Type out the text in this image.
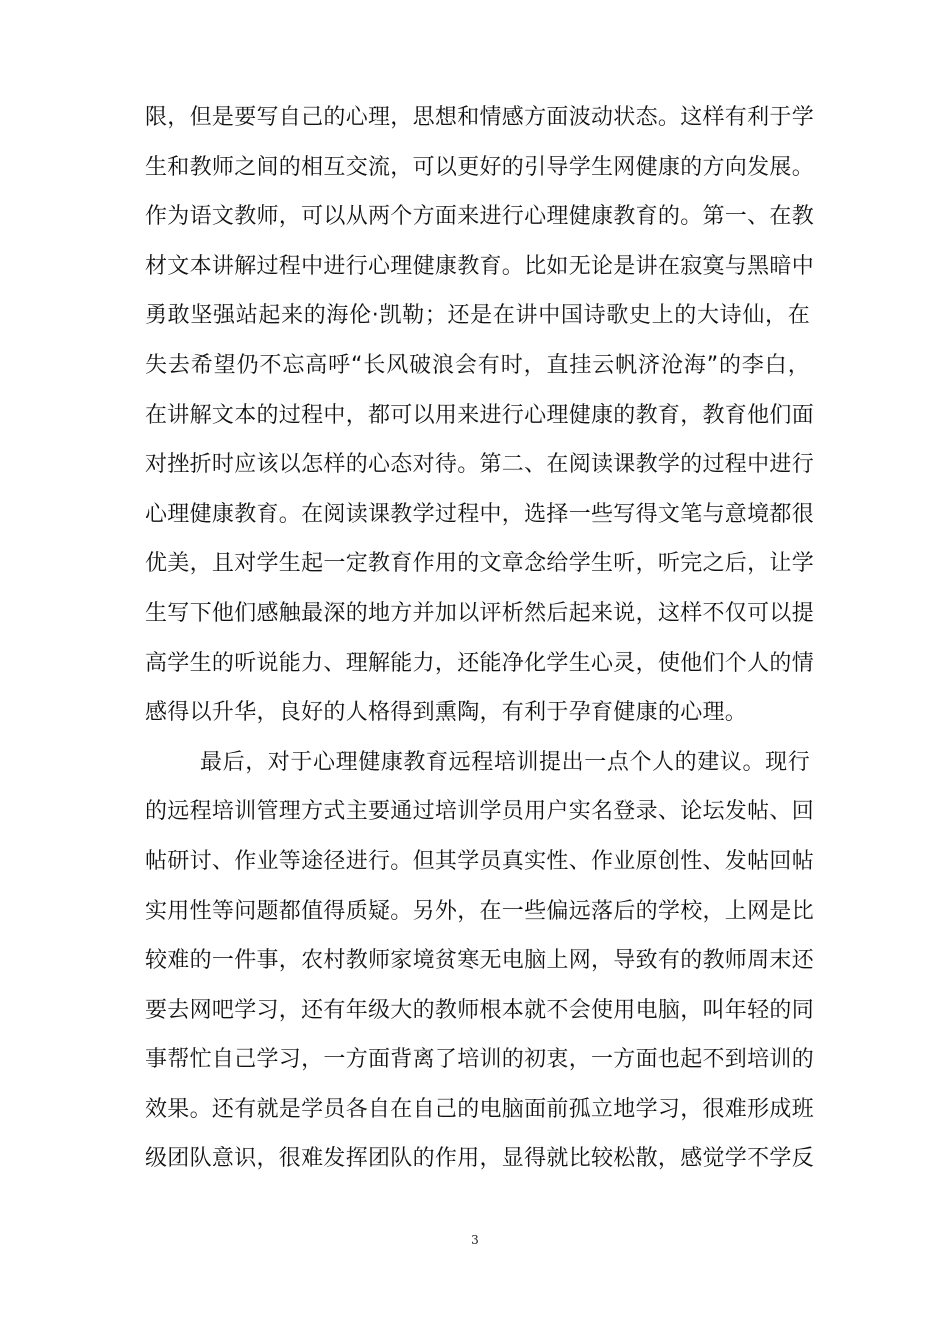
限，但是要写自己的心理，思想和情感方面波动状态。这样有利于学
生和教师之间的相互交流，可以更好的引导学生网健康的方向发展。
作为语文教师，可以从两个方面来进行心理健康教育的。第一、在教
材文本讲解过程中进行心理健康教育。比如无论是讲在寂寞与黑暗中
勇敢坚强站起来的海伦·凯勒；还是在讲中国诗歌史上的大诗仙，在
失去希望仍不忘高呼“长风破浪会有时，直挂云帆济沧海”的李白，
在讲解文本的过程中，都可以用来进行心理健康的教育，教育他们面
对挫折时应该以怎样的心态对待。第二、在阅读课教学的过程中进行
心理健康教育。在阅读课教学过程中，选择一些写得文笔与意境都很
优美，且对学生起一定教育作用的文章念给学生听，听完之后，让学
生写下他们感触最深的地方并加以评析然后起来说，这样不仅可以提
高学生的听说能力、理解能力，还能净化学生心灵，使他们个人的情
感得以升华，良好的人格得到熏陶，有利于孕育健康的心理。
最后，对于心理健康教育远程培训提出一点个人的建议。现行
的远程培训管理方式主要通过培训学员用户实名登录、论坛发帖、回
帖研讨、作业等途径进行。但其学员真实性、作业原创性、发帖回帖
实用性等问题都值得质疑。另外，在一些偏远落后的学校，上网是比
较难的一件事，农村教师家境贫寒无电脑上网，导致有的教师周末还
要去网吧学习，还有年级大的教师根本就不会使用电脑，叫年轻的同
事帮忙自己学习，一方面背离了培训的初衷，一方面也起不到培训的
效果。还有就是学员各自在自己的电脑面前孤立地学习，很难形成班
级团队意识，很难发挥团队的作用，显得就比较松散，感觉学不学反
3
